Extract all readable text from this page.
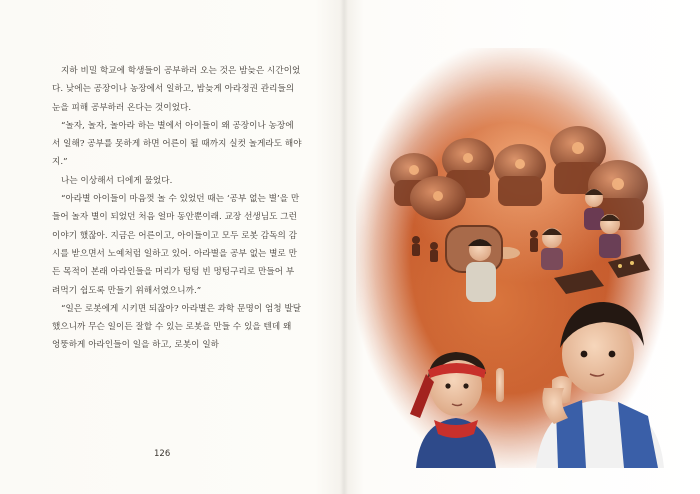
지하 비밀 학교에 학생들이 공부하러 오는 것은 밤늦은 시간이었다. 낮에는 공장이나 농장에서 일하고, 밤늦게 아라정권 관리들의 눈을 피해 공부하러 온다는 것이었다.

“놀자, 놀자, 놀아라 하는 별에서 아이들이 왜 공장이나 농장에서 일해? 공부를 못하게 하면 어른이 될 때까지 실컷 놀게라도 해야지.”

나는 이상해서 디에게 물었다.

“아라별 아이들이 마음껏 놀 수 있었던 때는 ‘공부 없는 별’을 만들어 놀자 별이 되었던 처음 얼마 동안뿐이래. 교장 선생님도 그런 이야기 했잖아. 지금은 어른이고, 아이들이고 모두 로봇 감독의 감시를 받으면서 노예처럼 일하고 있어. 아라별을 공부 없는 별로 만든 목적이 본래 아라인들을 머리가 텅텅 빈 멍텅구리로 만들어 부려먹기 쉽도록 만들기 위해서였으니까.”

“일은 로봇에게 시키면 되잖아? 아라별은 과학 문명이 엄청 발달했으니까 무슨 일이든 잘할 수 있는 로봇을 만들 수 있을 텐데 왜 엉뚱하게 아라인들이 일을 하고, 로봇이 일하

126
